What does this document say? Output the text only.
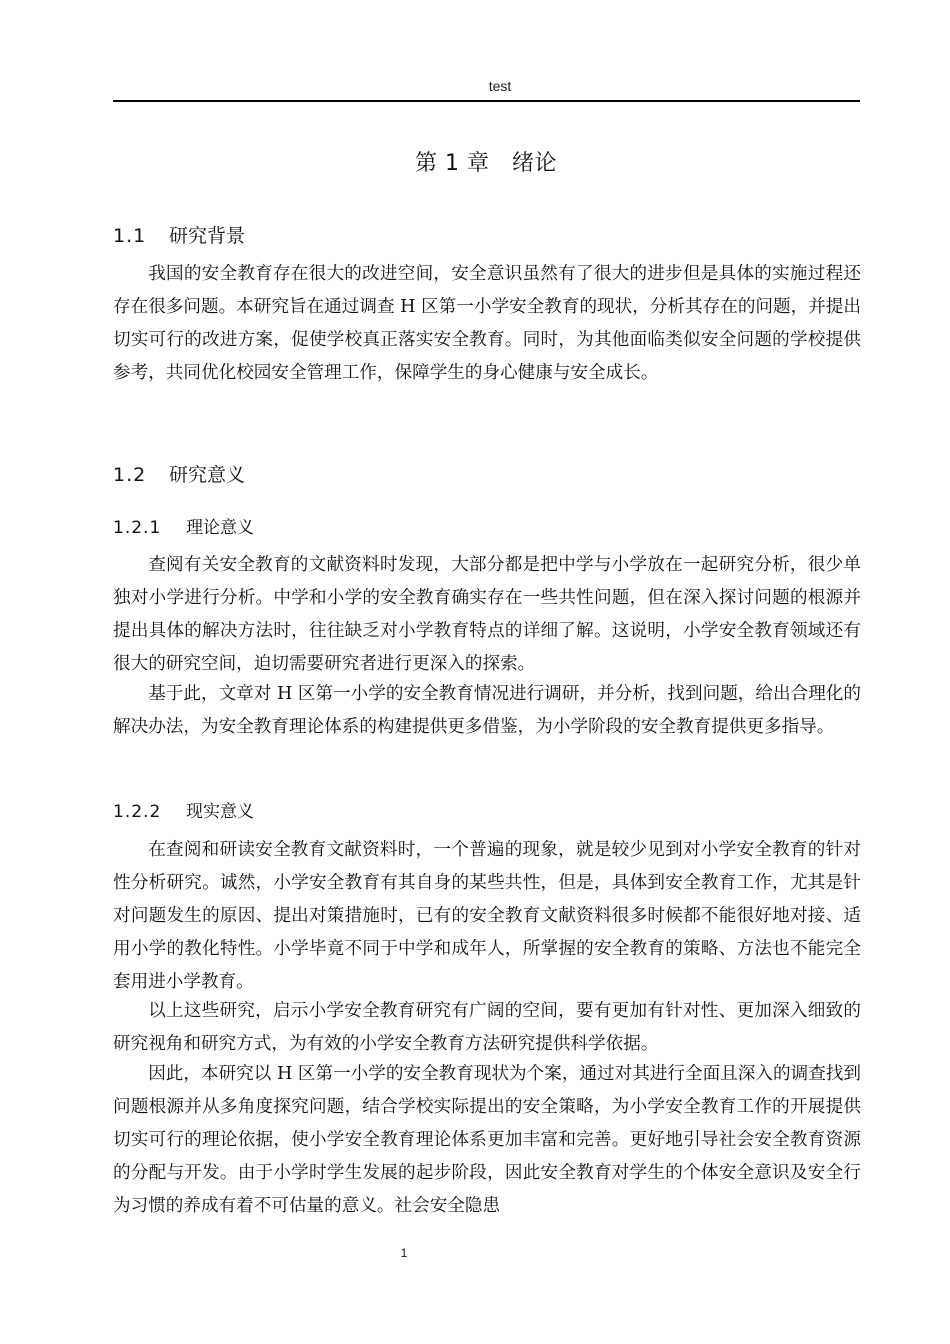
test
第 1 章　绪论
1.1 研究背景

我国的安全教育存在很大的改进空间，安全意识虽然有了很大的进步但是具体的实施过程还存在很多问题。本研究旨在通过调查 H 区第一小学安全教育的现状，分析其存在的问题，并提出切实可行的改进方案，促使学校真正落实安全教育。同时，为其他面临类似安全问题的学校提供参考，共同优化校园安全管理工作，保障学生的身心健康与安全成长。

1.2 研究意义
1.2.1 理论意义

查阅有关安全教育的文献资料时发现，大部分都是把中学与小学放在一起研究分析，很少单独对小学进行分析。中学和小学的安全教育确实存在一些共性问题，但在深入探讨问题的根源并提出具体的解决方法时，往往缺乏对小学教育特点的详细了解。这说明，小学安全教育领域还有很大的研究空间，迫切需要研究者进行更深入的探索。

基于此，文章对 H 区第一小学的安全教育情况进行调研，并分析，找到问题，给出合理化的解决办法，为安全教育理论体系的构建提供更多借鉴，为小学阶段的安全教育提供更多指导。

1.2.2 现实意义

在查阅和研读安全教育文献资料时，一个普遍的现象，就是较少见到对小学安全教育的针对性分析研究。诚然，小学安全教育有其自身的某些共性，但是，具体到安全教育工作，尤其是针对问题发生的原因、提出对策措施时，已有的安全教育文献资料很多时候都不能很好地对接、适用小学的教化特性。小学毕竟不同于中学和成年人，所掌握的安全教育的策略、方法也不能完全套用进小学教育。

以上这些研究，启示小学安全教育研究有广阔的空间，要有更加有针对性、更加深入细致的研究视角和研究方式，为有效的小学安全教育方法研究提供科学依据。

因此，本研究以 H 区第一小学的安全教育现状为个案，通过对其进行全面且深入的调查找到问题根源并从多角度探究问题，结合学校实际提出的安全策略，为小学安全教育工作的开展提供切实可行的理论依据，使小学安全教育理论体系更加丰富和完善。更好地引导社会安全教育资源的分配与开发。由于小学时学生发展的起步阶段，因此安全教育对学生的个体安全意识及安全行为习惯的养成有着不可估量的意义。社会安全隐患

1
